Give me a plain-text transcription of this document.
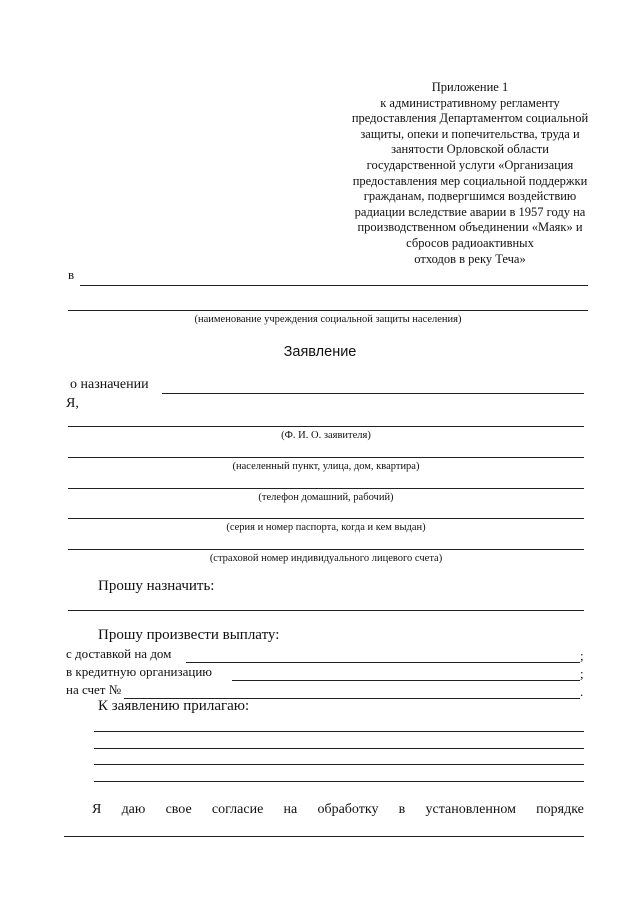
Приложение 1
к административному регламенту
предоставления Департаментом социальной
защиты, опеки и попечительства, труда и
занятости Орловской области
государственной услуги «Организация
предоставления мер социальной поддержки
гражданам, подвергшимся воздействию
радиации вследствие аварии в 1957 году на
производственном объединении «Маяк» и
сбросов радиоактивных
отходов в реку Теча»
в
(наименование учреждения социальной защиты населения)
Заявление
о назначении
Я,
(Ф. И. О. заявителя)
(населенный пункт, улица, дом, квартира)
(телефон домашний, рабочий)
(серия и номер паспорта, когда и кем выдан)
(страховой номер индивидуального лицевого счета)
Прошу назначить:
Прошу произвести выплату:
с доставкой на дом	;
в кредитную организацию	;
на счет №	.
К заявлению прилагаю:
Я даю свое согласие на обработку в установленном порядке
